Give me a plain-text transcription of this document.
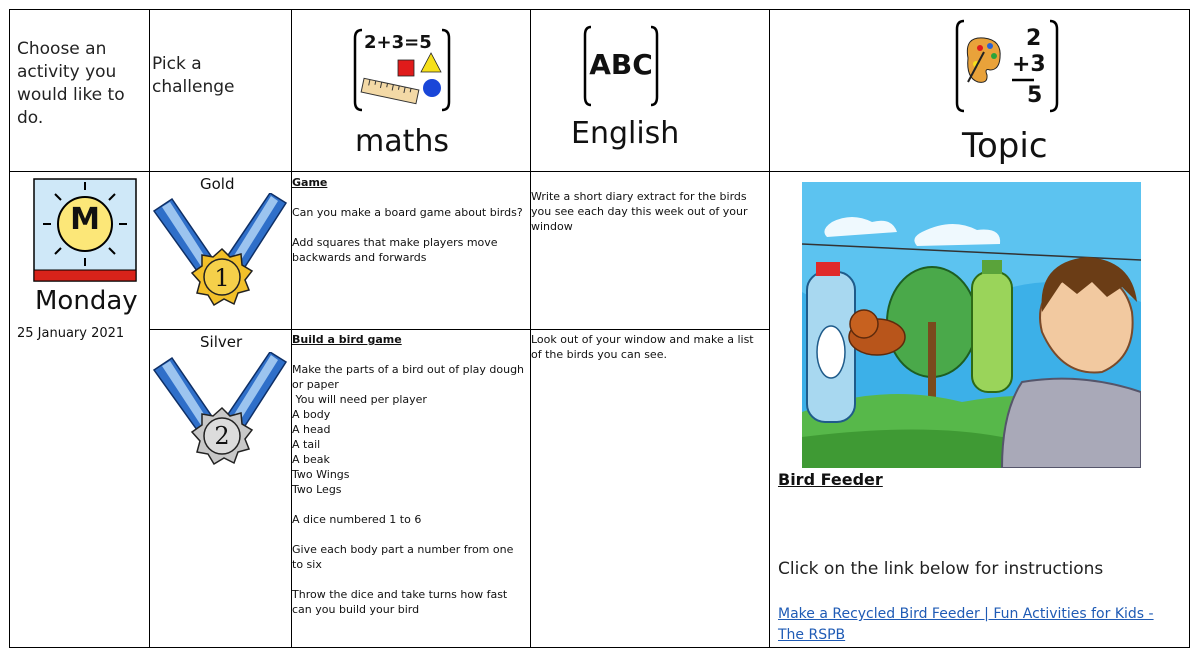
Choose an activity you would like to do.
Pick a challenge
2+3=5
maths
ABC
English
2
+3
5
Topic
M
Monday
25 January 2021
Gold
1
Silver
2

Game

Can you make a board game about birds?

Add squares that make players move backwards and forwards

Write a short diary extract for the birds you see each day this week out of your window

Build a bird game

Make the parts of a bird out of play dough or paper

You will need per player

A body

A head

A tail

A beak

Two Wings

Two Legs

A dice numbered 1 to 6

Give each body part a number from one to six

Throw the dice and take turns how fast can you build your bird

Look out of your window and make a list of the birds you can see.
Bird Feeder
Click on the link below for instructions
Make a Recycled Bird Feeder | Fun Activities for Kids - The RSPB
